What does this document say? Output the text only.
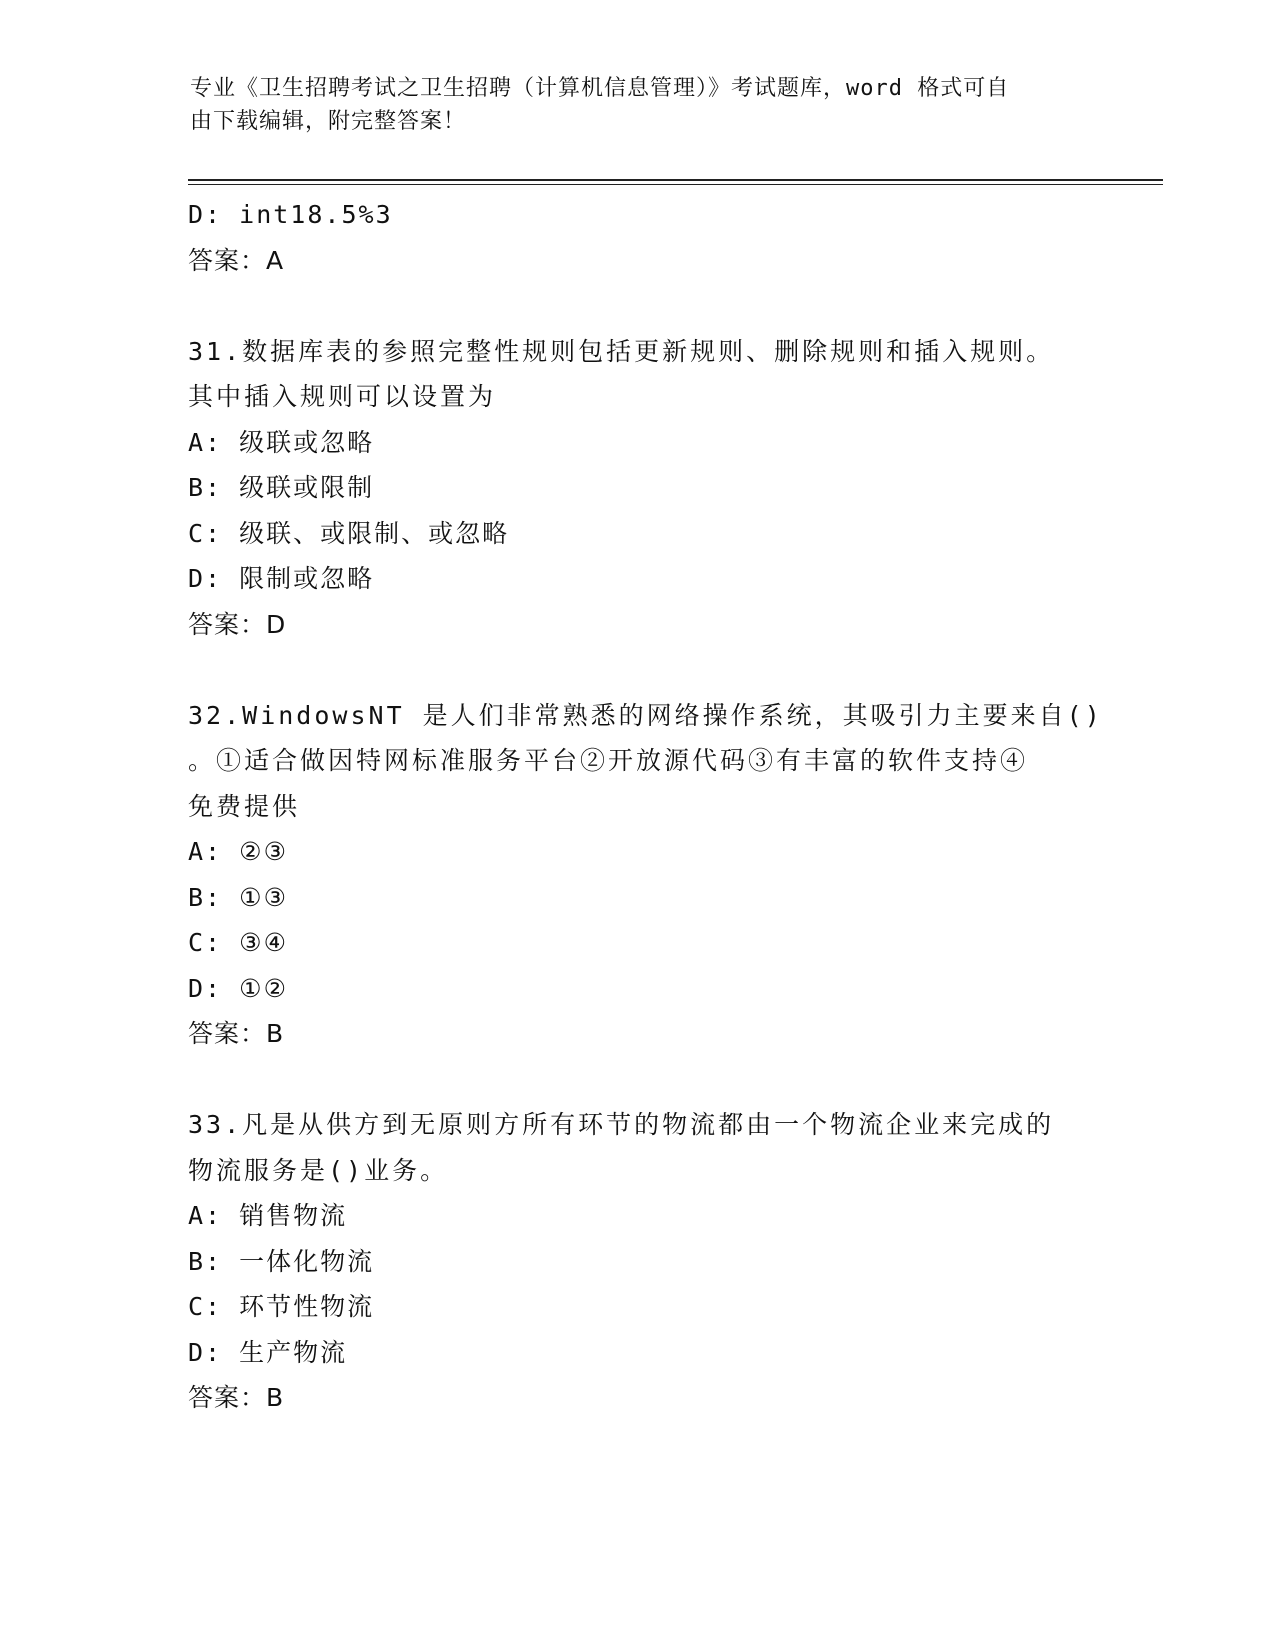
专业《卫生招聘考试之卫生招聘（计算机信息管理）》考试题库，word 格式可自
由下载编辑，附完整答案！
D: int18.5%3
答案：A
31.数据库表的参照完整性规则包括更新规则、删除规则和插入规则。
其中插入规则可以设置为
A: 级联或忽略
B: 级联或限制
C: 级联、或限制、或忽略
D: 限制或忽略
答案：D
32.WindowsNT 是人们非常熟悉的网络操作系统，其吸引力主要来自()
。①适合做因特网标准服务平台②开放源代码③有丰富的软件支持④
免费提供
A: ②③
B: ①③
C: ③④
D: ①②
答案：B
33.凡是从供方到无原则方所有环节的物流都由一个物流企业来完成的
物流服务是()业务。
A: 销售物流
B: 一体化物流
C: 环节性物流
D: 生产物流
答案：B
